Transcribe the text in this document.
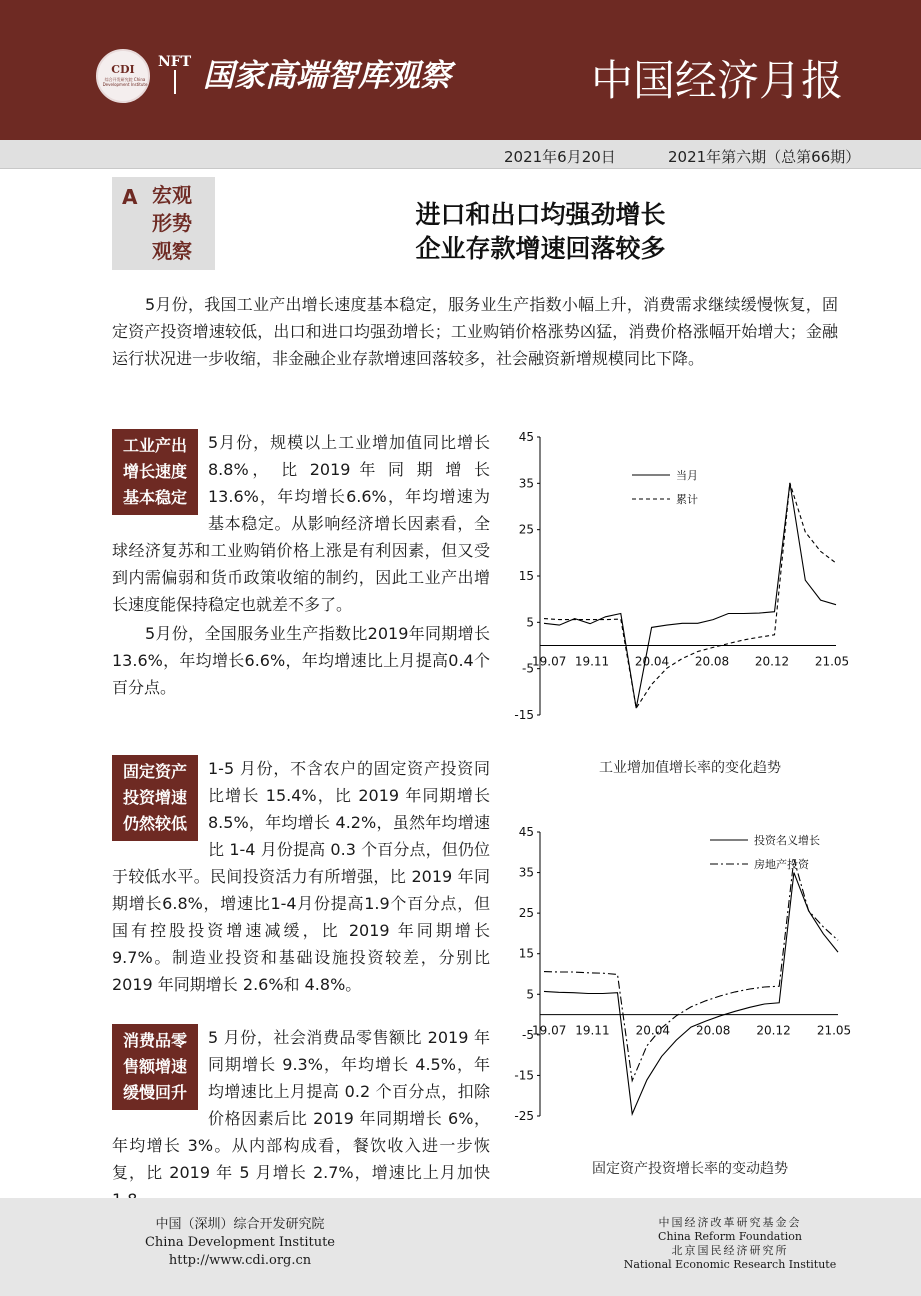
CDI
综合开发研究院 China Development Institute
NFT 国家高端智库观察	中国经济月报
2021年6月20日	2021年第六期（总第66期）
A 宏观
形势
观察
进口和出口均强劲增长
企业存款增速回落较多

5月份，我国工业产出增长速度基本稳定，服务业生产指数小幅上升，消费需求继续缓慢恢复，固定资产投资增速较低，出口和进口均强劲增长；工业购销价格涨势凶猛，消费价格涨幅开始增大；金融运行状况进一步收缩，非金融企业存款增速回落较多，社会融资新增规模同比下降。

工业产出
增长速度
基本稳定

5月份，规模以上工业增加值同比增长 8.8%， 比 2019 年 同 期 增 长 13.6%，年均增长6.6%，年均增速为基本稳定。从影响经济增长因素看，全球经济复苏和工业购销价格上涨是有利因素，但又受到内需偏弱和货币政策收缩的制约，因此工业产出增长速度能保持稳定也就差不多了。

5月份，全国服务业生产指数比2019年同期增长13.6%，年均增长6.6%，年均增速比上月提高0.4个百分点。

固定资产
投资增速
仍然较低

1-5 月份，不含农户的固定资产投资同比增长 15.4%，比 2019 年同期增长 8.5%，年均增长 4.2%，虽然年均增速比 1-4 月份提高 0.3 个百分点，但仍位于较低水平。民间投资活力有所增强，比 2019 年同期增长6.8%，增速比1-4月份提高1.9个百分点，但国有控股投资增速减缓，比 2019 年同期增长 9.7%。制造业投资和基础设施投资较差，分别比 2019 年同期增长 2.6%和 4.8%。

消费品零
售额增速
缓慢回升

5 月份，社会消费品零售额比 2019 年同期增长 9.3%，年均增长 4.5%，年均增速比上月提高 0.2 个百分点，扣除价格因素后比 2019 年同期增长 6%，年均增长 3%。从内部构成看，餐饮收入进一步恢复，比 2019 年 5 月增长 2.7%，增速比上月加快

45
35
25
15
5
-5
-15
19.07 19.11 20.04 20.08 20.12 21.05
当月
累计
工业增加值增长率的变化趋势
45
35
25
15
5
-5
-15
-25
19.07 19.11 20.04 20.08 20.12 21.05
投资名义增长
房地产投资
固定资产投资增长率的变动趋势
中国（深圳）综合开发研究院
China Development Institute
http://www.cdi.org.cn
中国经济改革研究基金会
China Reform Foundation
北京国民经济研究所
National Economic Research Institute
